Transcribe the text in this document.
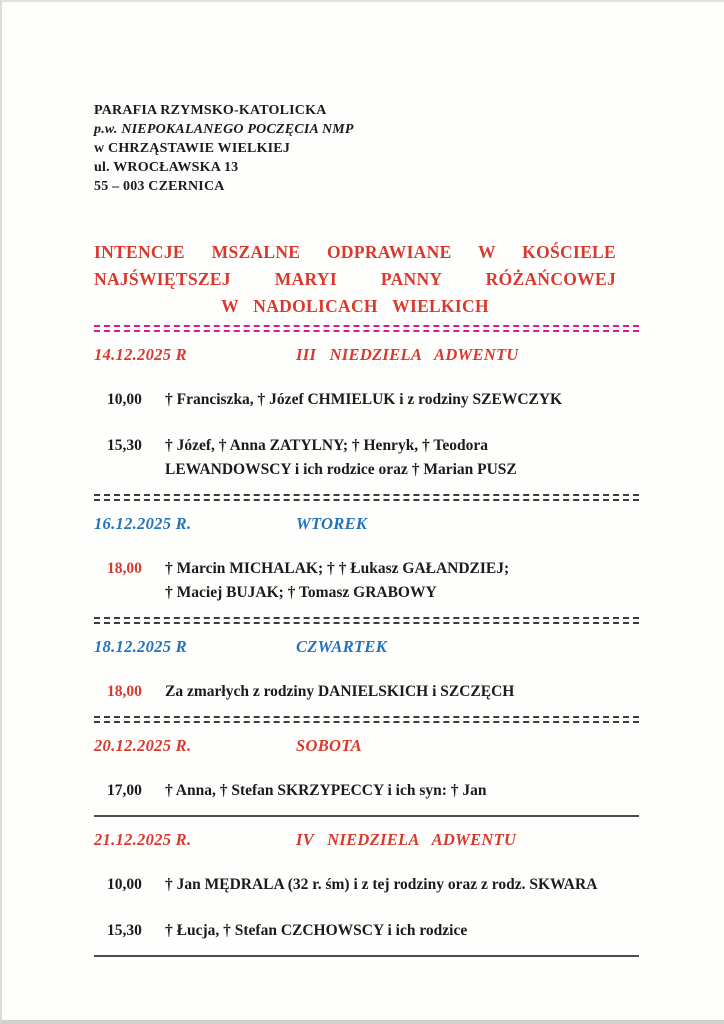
PARAFIA RZYMSKO-KATOLICKA
p.w. NIEPOKALANEGO POCZĘCIA NMP
w CHRZĄSTAWIE WIELKIEJ
ul. WROCŁAWSKA 13
55 – 003 CZERNICA
INTENCJE MSZALNE ODPRAWIANE W KOŚCIELE
NAJŚWIĘTSZEJ MARYI PANNY RÓŻAŃCOWEJ
W NADOLICACH WIELKICH
14.12.2025 R	III NIEDZIELA ADWENTU
10,00	† Franciszka, † Józef CHMIELUK i z rodziny SZEWCZYK
15,30	† Józef, † Anna ZATYLNY; † Henryk, † Teodora
LEWANDOWSCY i ich rodzice oraz † Marian PUSZ
16.12.2025 R.	WTOREK
18,00	† Marcin MICHALAK; † † Łukasz GAŁANDZIEJ;
† Maciej BUJAK; † Tomasz GRABOWY
18.12.2025 R	CZWARTEK
18,00	Za zmarłych z rodziny DANIELSKICH i SZCZĘCH
20.12.2025 R.	SOBOTA
17,00	† Anna, † Stefan SKRZYPECCY i ich syn: † Jan
21.12.2025 R.	IV NIEDZIELA ADWENTU
10,00	† Jan MĘDRALA (32 r. śm) i z tej rodziny oraz z rodz. SKWARA
15,30	† Łucja, † Stefan CZCHOWSCY i ich rodzice
